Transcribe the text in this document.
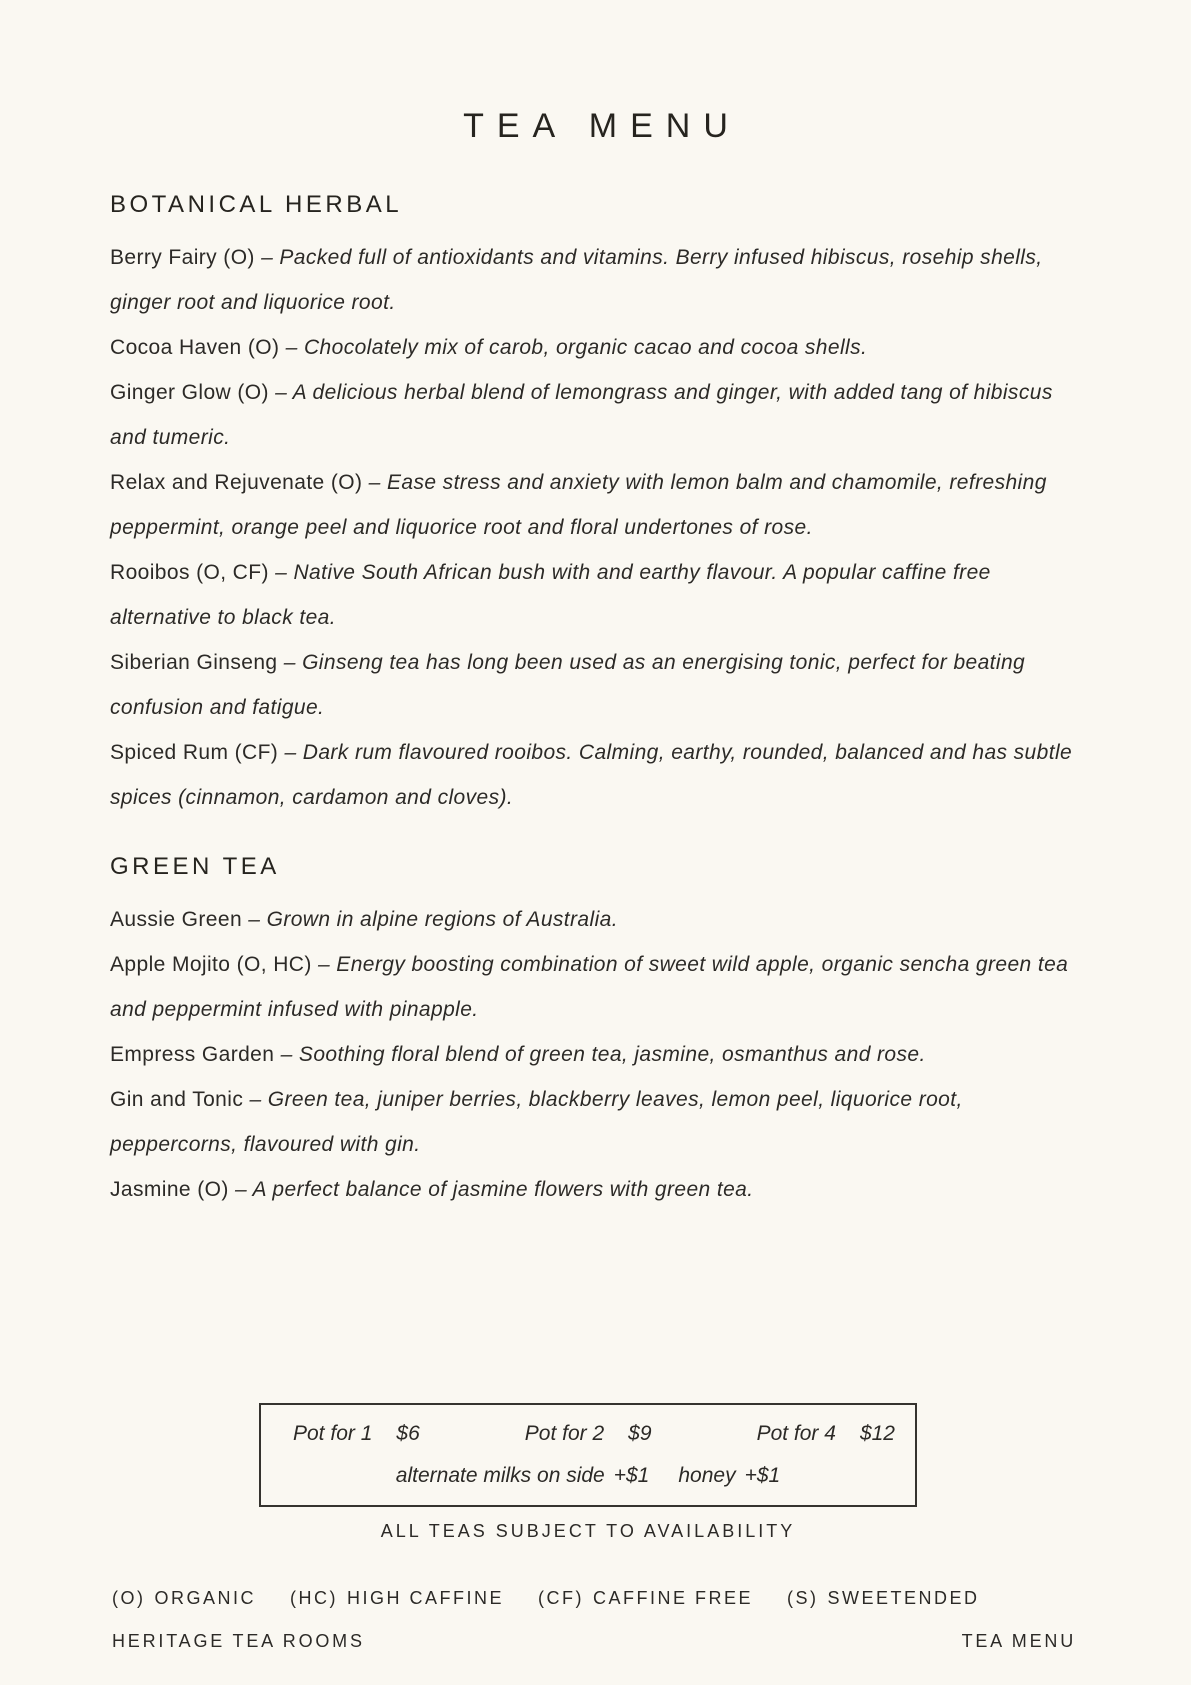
TEA MENU
BOTANICAL HERBAL

Berry Fairy (O) – Packed full of antioxidants and vitamins. Berry infused hibiscus, rosehip shells, ginger root and liquorice root.

Cocoa Haven (O) – Chocolately mix of carob, organic cacao and cocoa shells.

Ginger Glow (O) – A delicious herbal blend of lemongrass and ginger, with added tang of hibiscus and tumeric.

Relax and Rejuvenate (O) – Ease stress and anxiety with lemon balm and chamomile, refreshing peppermint, orange peel and liquorice root and floral undertones of rose.

Rooibos (O, CF) – Native South African bush with and earthy flavour. A popular caffine free alternative to black tea.

Siberian Ginseng – Ginseng tea has long been used as an energising tonic, perfect for beating confusion and fatigue.

Spiced Rum (CF) – Dark rum flavoured rooibos. Calming, earthy, rounded, balanced and has subtle spices (cinnamon, cardamon and cloves).

GREEN TEA

Aussie Green – Grown in alpine regions of Australia.

Apple Mojito (O, HC) – Energy boosting combination of sweet wild apple, organic sencha green tea and peppermint infused with pinapple.

Empress Garden – Soothing floral blend of green tea, jasmine, osmanthus and rose.

Gin and Tonic – Green tea, juniper berries, blackberry leaves, lemon peel, liquorice root, peppercorns, flavoured with gin.

Jasmine (O) – A perfect balance of jasmine flowers with green tea.

Pot for 1 $6	Pot for 2 $9	Pot for 4 $12
alternate milks on side +$1 honey +$1
ALL TEAS SUBJECT TO AVAILABILITY
(O) ORGANIC (HC) HIGH CAFFINE (CF) CAFFINE FREE (S) SWEETENDED
HERITAGE TEA ROOMS	TEA MENU
